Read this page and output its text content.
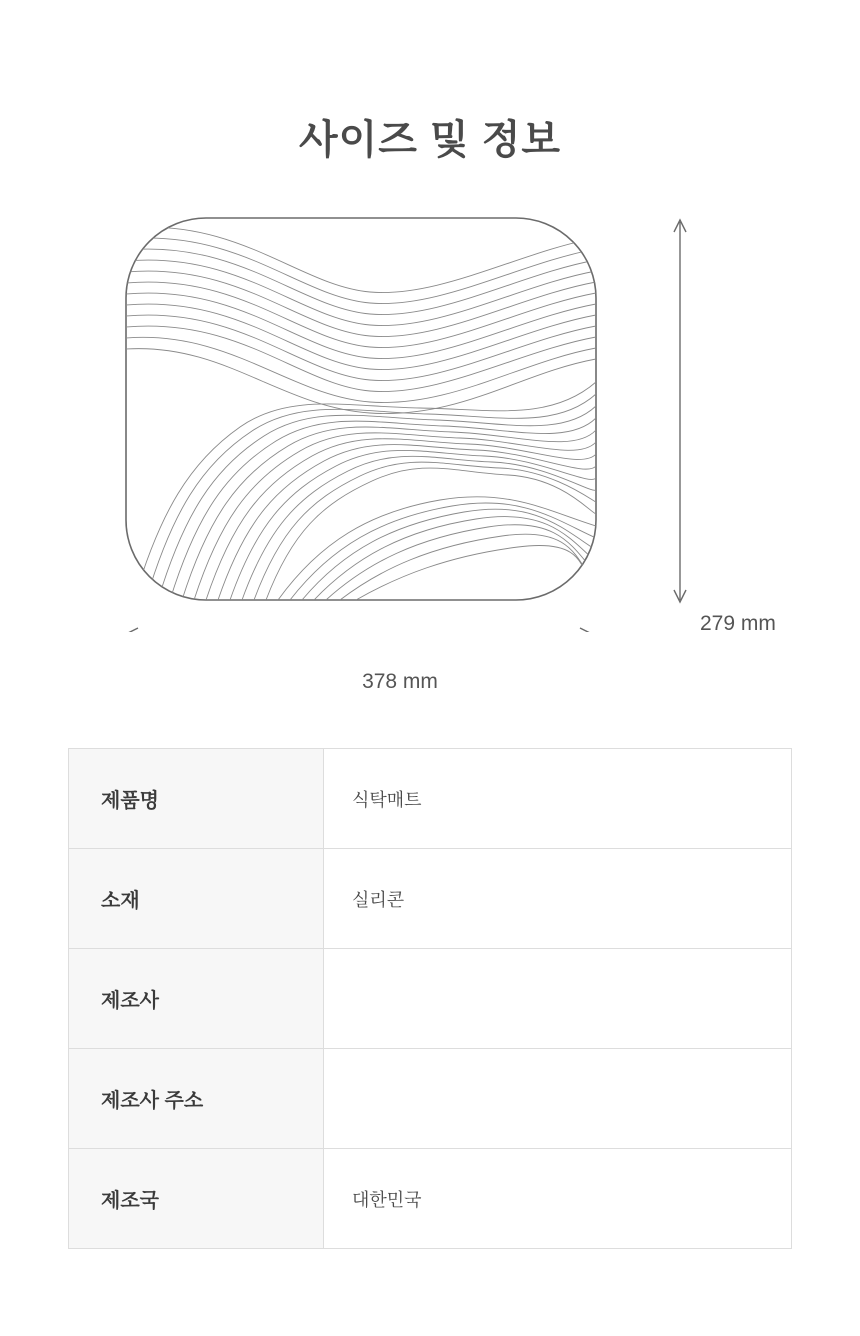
사이즈 및 정보
279 mm
378 mm
제품명	식탁매트
소재	실리콘
제조사	
제조사 주소	
제조국	대한민국
